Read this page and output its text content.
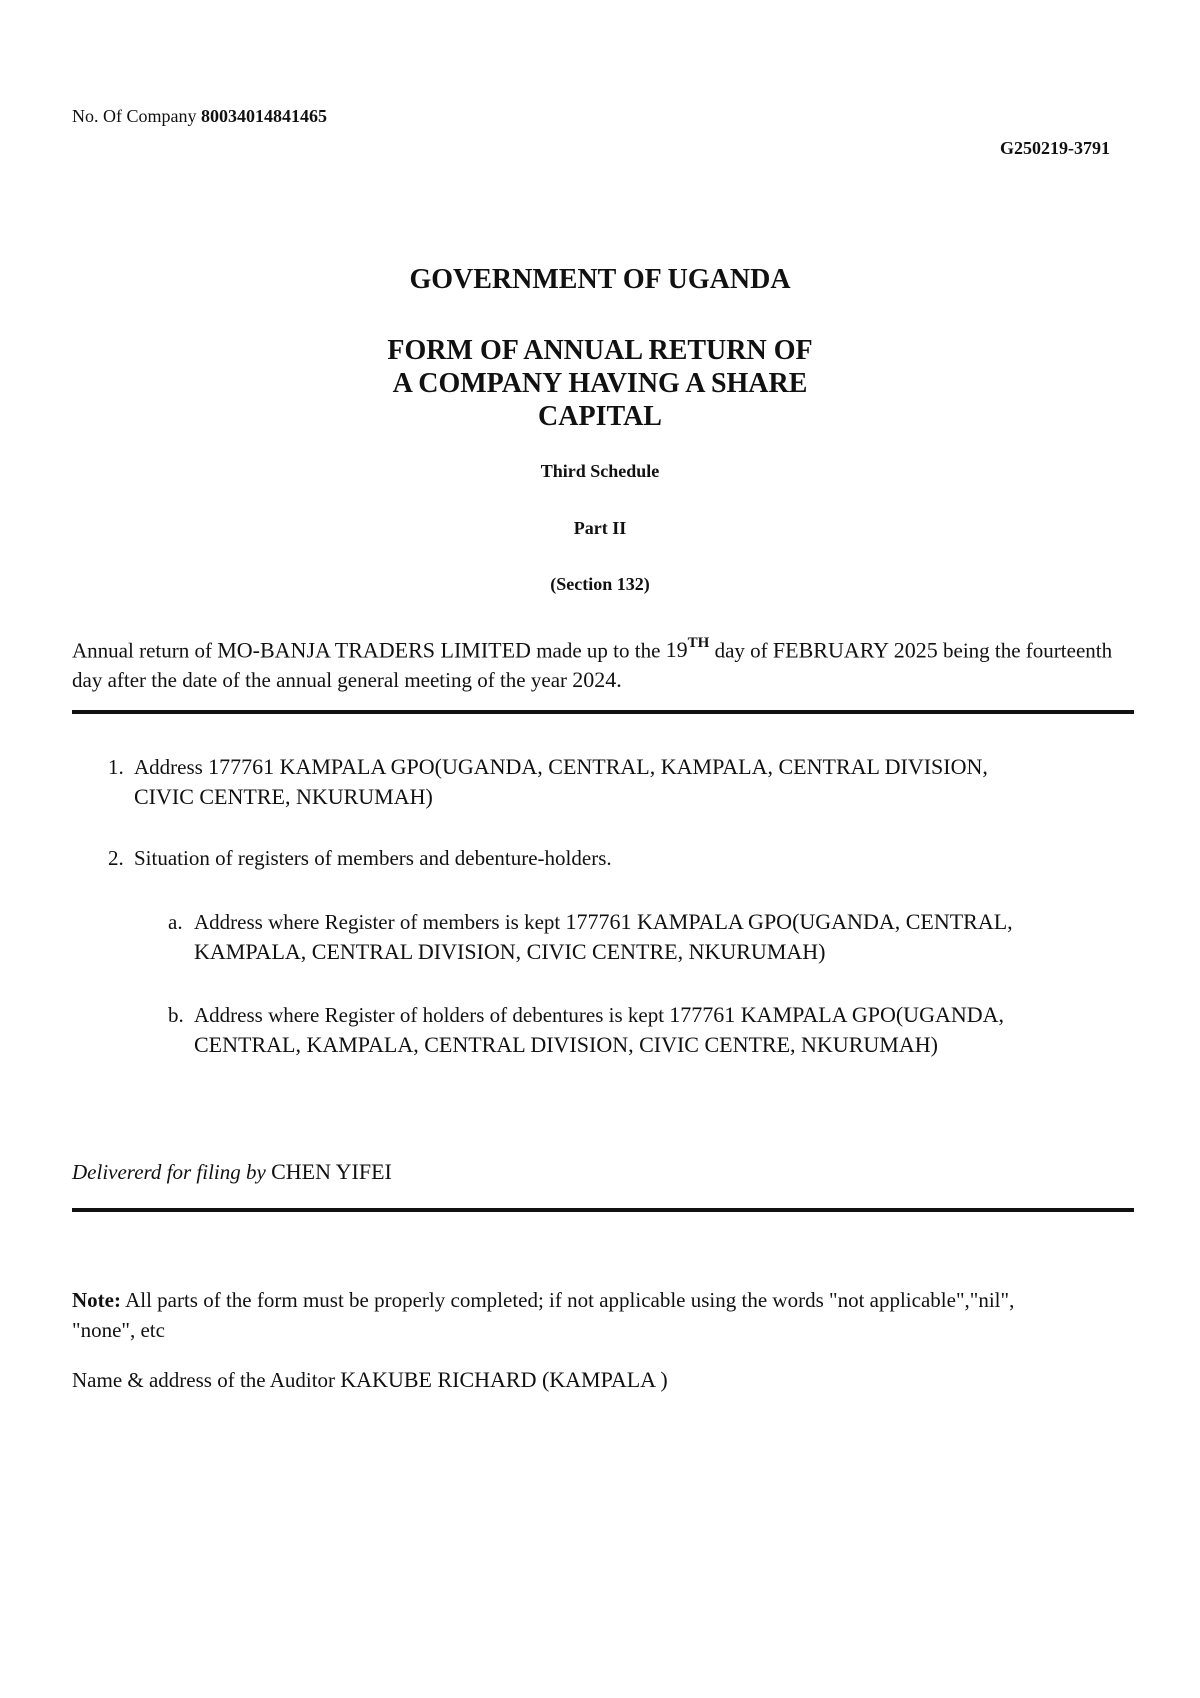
No. Of Company 80034014841465
G250219-3791
GOVERNMENT OF UGANDA
FORM OF ANNUAL RETURN OF
A COMPANY HAVING A SHARE
CAPITAL
Third Schedule
Part II
(Section 132)
Annual return of MO-BANJA TRADERS LIMITED made up to the 19TH day of FEBRUARY 2025 being the fourteenth day after the date of the annual general meeting of the year 2024.
1. Address 177761 KAMPALA GPO(UGANDA, CENTRAL, KAMPALA, CENTRAL DIVISION, CIVIC CENTRE, NKURUMAH)
2. Situation of registers of members and debenture-holders.
a. Address where Register of members is kept 177761 KAMPALA GPO(UGANDA, CENTRAL, KAMPALA, CENTRAL DIVISION, CIVIC CENTRE, NKURUMAH)
b. Address where Register of holders of debentures is kept 177761 KAMPALA GPO(UGANDA, CENTRAL, KAMPALA, CENTRAL DIVISION, CIVIC CENTRE, NKURUMAH)
Delivererd for filing by CHEN YIFEI
Note: All parts of the form must be properly completed; if not applicable using the words "not applicable","nil", "none", etc
Name & address of the Auditor KAKUBE RICHARD (KAMPALA )
